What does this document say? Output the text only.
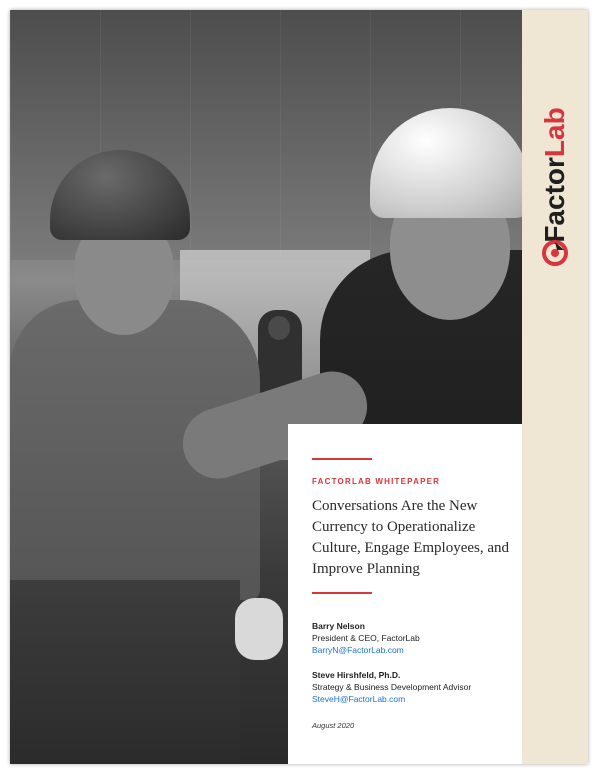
FactorLab
FACTORLAB WHITEPAPER
Conversations Are the New Currency to Operationalize Culture, Engage Employees, and Improve Planning
Barry Nelson
President & CEO, FactorLab
BarryN@FactorLab.com
Steve Hirshfeld, Ph.D.
Strategy & Business Development Advisor
SteveH@FactorLab.com
August 2020
